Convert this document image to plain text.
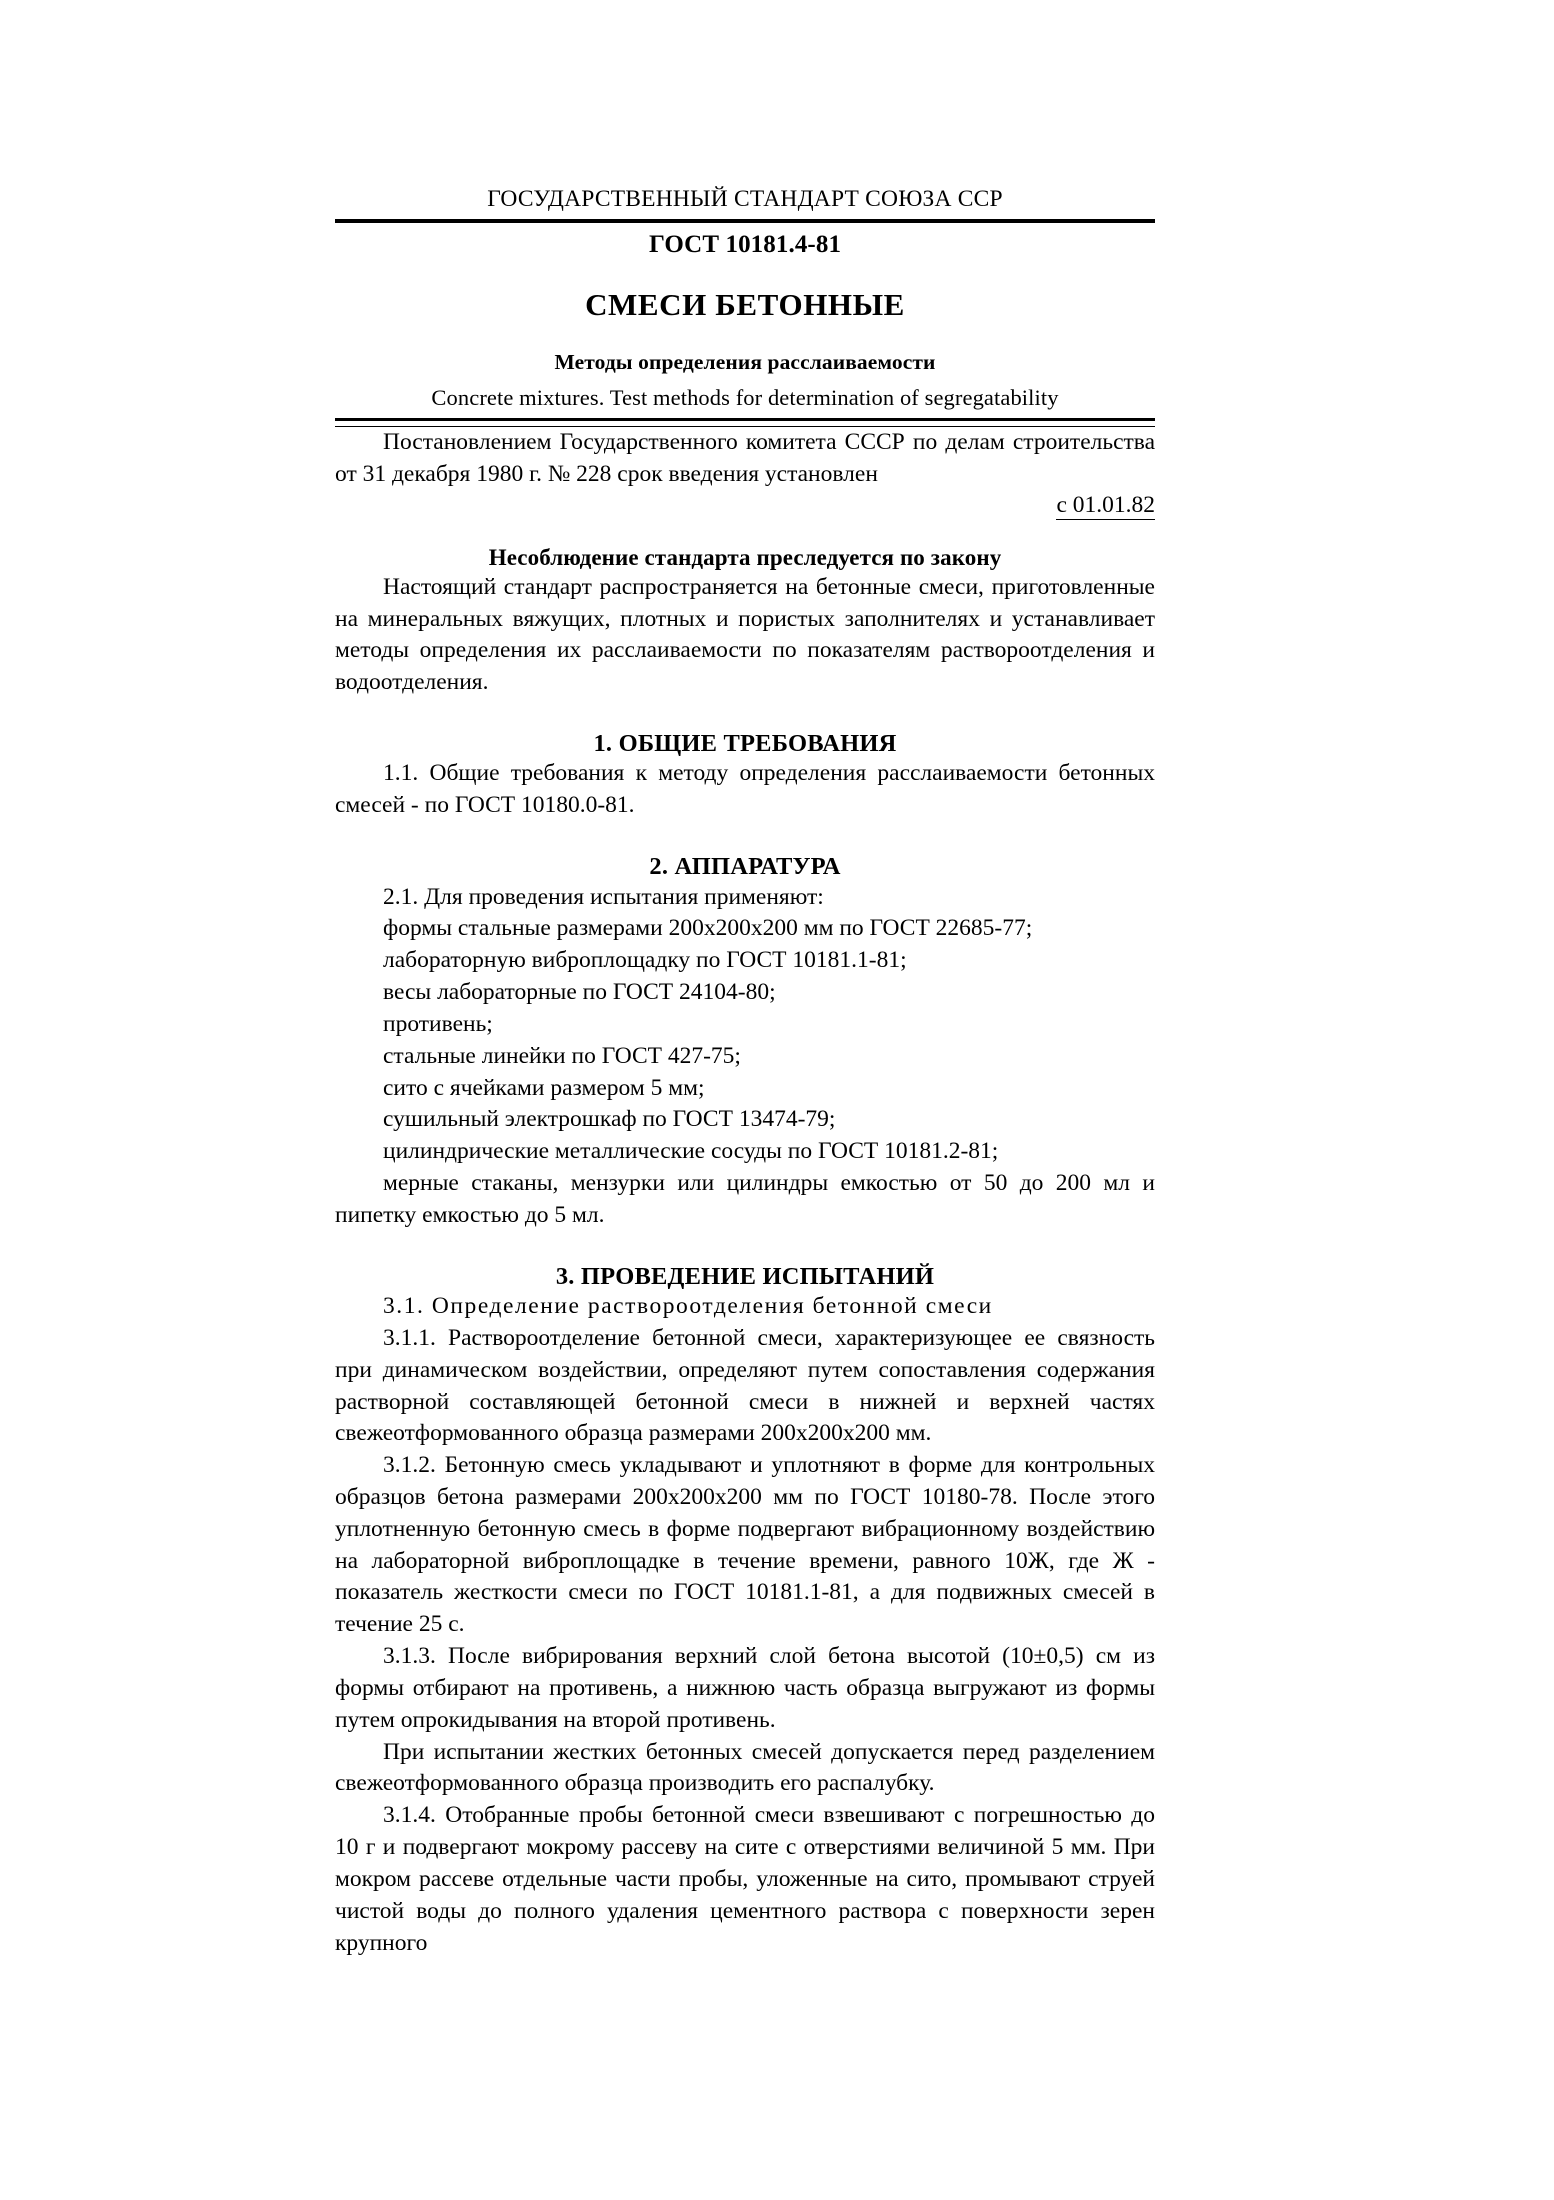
ГОСУДАРСТВЕННЫЙ СТАНДАРТ СОЮЗА ССР
ГОСТ 10181.4-81
СМЕСИ БЕТОННЫЕ
Методы определения расслаиваемости
Concrete mixtures. Test methods for determination of segregatability

Постановлением Государственного комитета СССР по делам строительства от 31 декабря 1980 г. № 228 срок введения установлен

с 01.01.82
Несоблюдение стандарта преследуется по закону

Настоящий стандарт распространяется на бетонные смеси, приготовленные на минеральных вяжущих, плотных и пористых заполнителях и устанавливает методы определения их расслаиваемости по показателям раствороотделения и водоотделения.

1. ОБЩИЕ ТРЕБОВАНИЯ

1.1. Общие требования к методу определения расслаиваемости бетонных смесей - по ГОСТ 10180.0-81.

2. АППАРАТУРА
2.1. Для проведения испытания применяют:
формы стальные размерами 200х200х200 мм по ГОСТ 22685-77;
лабораторную вибpоплощадку по ГОСТ 10181.1-81;
весы лабораторные по ГОСТ 24104-80;
противень;
стальные линейки по ГОСТ 427-75;
сито с ячейками размером 5 мм;
сушильный электрошкаф по ГОСТ 13474-79;
цилиндрические металлические сосуды по ГОСТ 10181.2-81;
мерные стаканы, мензурки или цилиндры емкостью от 50 до 200 мл и пипетку емкостью до 5 мл.
3. ПРОВЕДЕНИЕ ИСПЫТАНИЙ

3.1. Определение раствороотделения бетонной смеси

3.1.1. Раствороотделение бетонной смеси, характеризующее ее связность при динамическом воздействии, определяют путем сопоставления содержания растворной составляющей бетонной смеси в нижней и верхней частях свежеотформованного образца размерами 200х200х200 мм.

3.1.2. Бетонную смесь укладывают и уплотняют в форме для контрольных образцов бетона размерами 200х200х200 мм по ГОСТ 10180-78. После этого уплотненную бетонную смесь в форме подвергают вибрационному воздействию на лабораторной вибpоплощадке в течение времени, равного 10Ж, где Ж - показатель жесткости смеси по ГОСТ 10181.1-81, а для подвижных смесей в течение 25 с.

3.1.3. После вибрирования верхний слой бетона высотой (10±0,5) см из формы отбирают на противень, а нижнюю часть образца выгружают из формы путем опрокидывания на второй противень.

При испытании жестких бетонных смесей допускается перед разделением свежеотформованного образца производить его распалубку.

3.1.4. Отобранные пробы бетонной смеси взвешивают с погрешностью до 10 г и подвергают мокрому рассеву на сите с отверстиями величиной 5 мм. При мокром рассеве отдельные части пробы, уложенные на сито, промывают струей чистой воды до полного удаления цементного раствора с поверхности зерен крупного
